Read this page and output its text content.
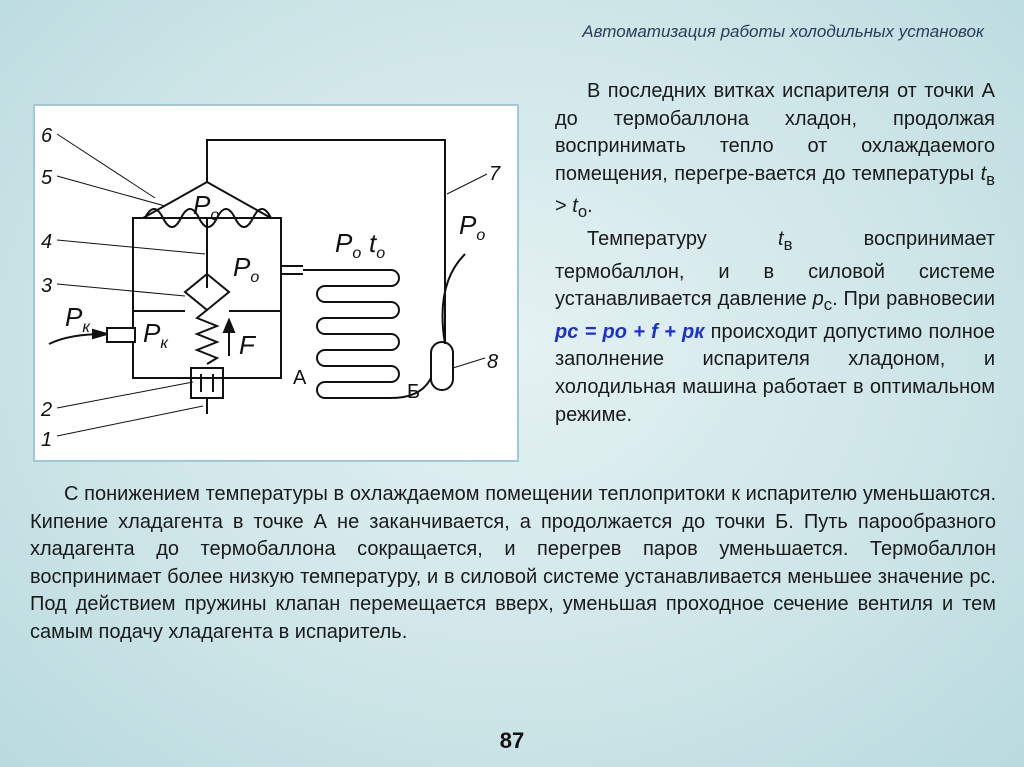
Автоматизация работы холодильных установок
6
5
4
3
2
1
7
8
A
Б
$P_o$
$P_o$
$P_к$ $P_к$	F
$P_o$ $t_o$
$P_o$

В последних витках испарителя от точки А до термобаллона хладон, продолжая воспринимать тепло от охлаждаемого помещения, перегре-вается до температуры $t_в > t_о$.

Температуру $t_в$ воспринимает термобаллон, и в силовой системе устанавливается давление $p_с$. При равновесии pс = pо + f + pк происходит допустимо полное заполнение испарителя хладоном, и холодильная машина работает в оптимальном режиме.

С понижением температуры в охлаждаемом помещении теплопритоки к испарителю уменьшаются. Кипение хладагента в точке А не заканчивается, а продолжается до точки Б. Путь парообразного хладагента до термобаллона сокращается, и перегрев паров уменьшается. Термобаллон воспринимает более низкую температуру, и в силовой системе устанавливается меньшее значение рс. Под действием пружины клапан перемещается вверх, уменьшая проходное сечение вентиля и тем самым подачу хладагента в испаритель.

87
